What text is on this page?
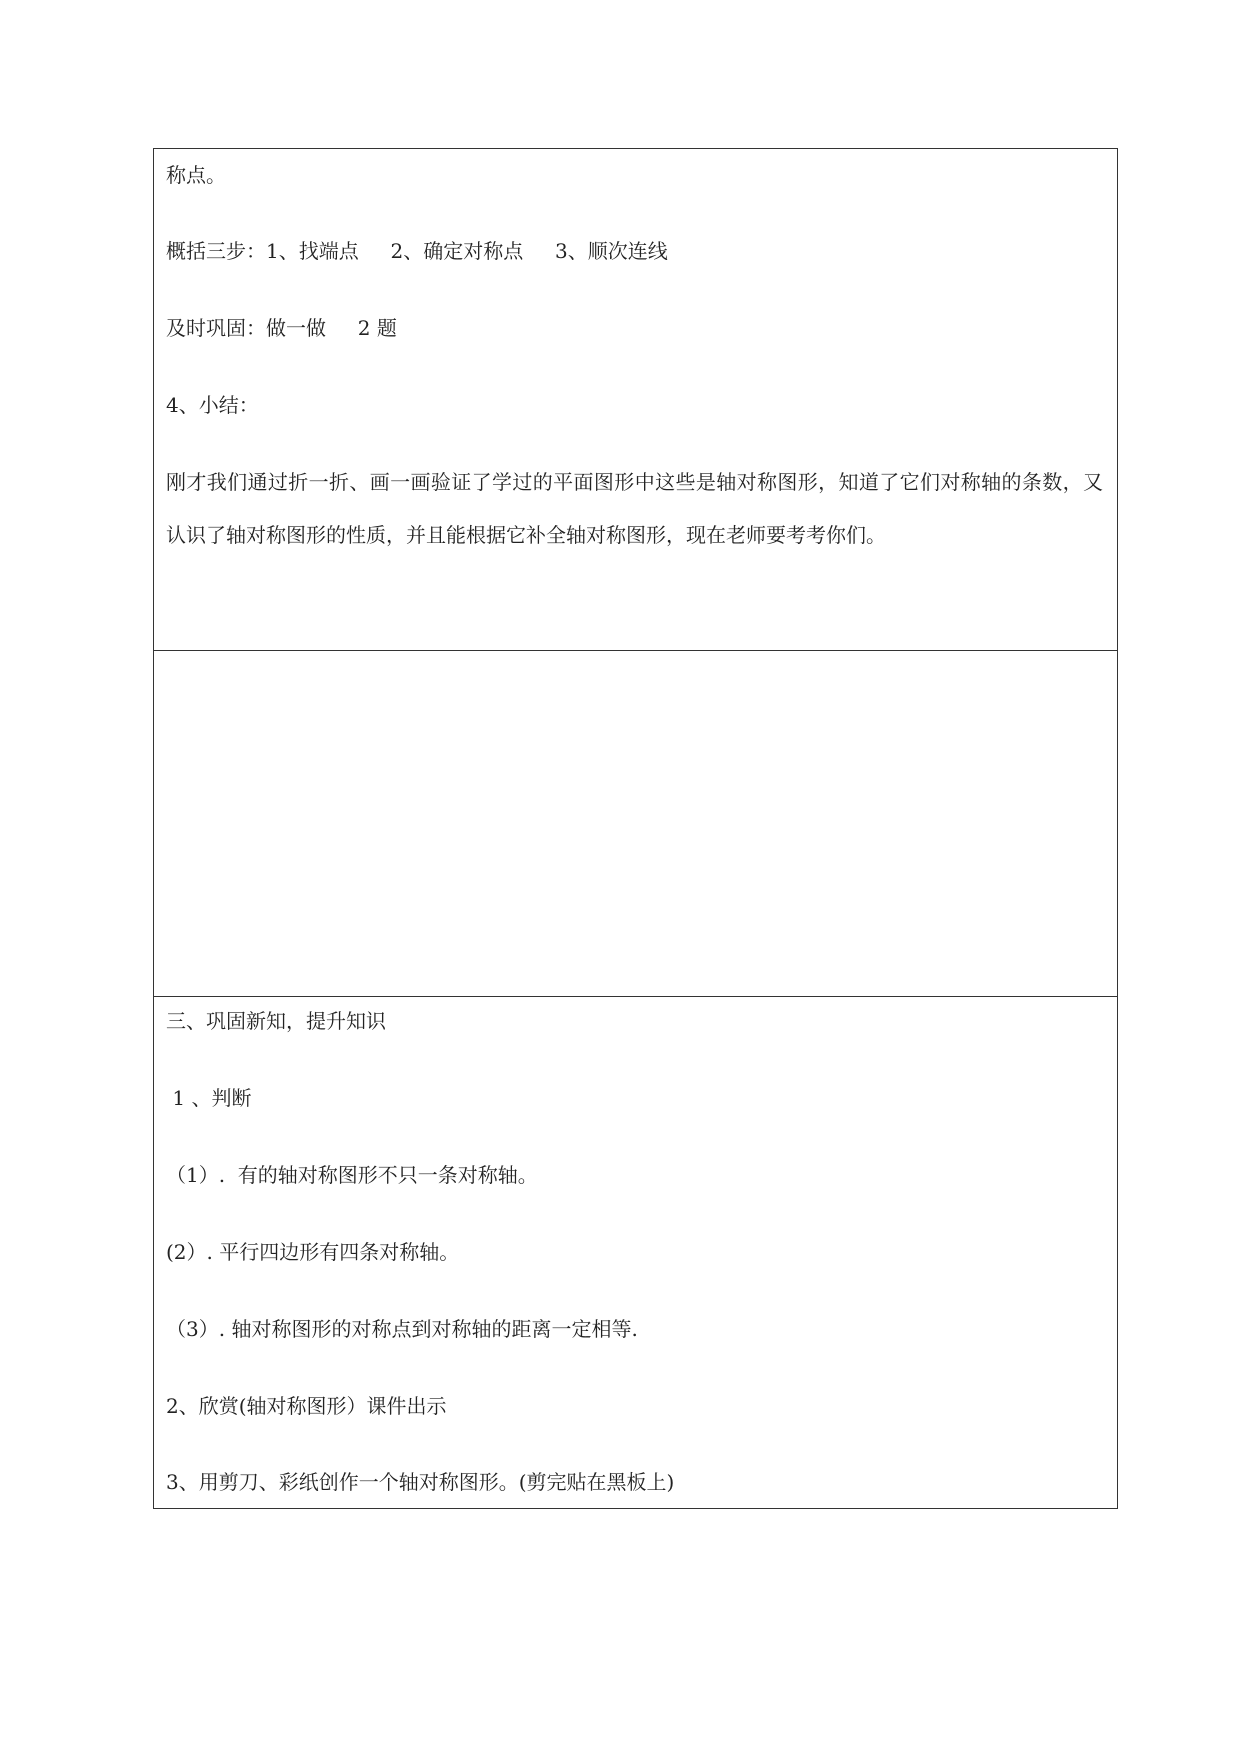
称点。
概括三步：1、找端点     2、确定对称点     3、顺次连线
及时巩固：做一做     2 题
4、小结：
刚才我们通过折一折、画一画验证了学过的平面图形中这些是轴对称图形，知道了它们对称轴的条数，又认识了轴对称图形的性质，并且能根据它补全轴对称图形，现在老师要考考你们。
三、巩固新知，提升知识
1 、判断
（1）.  有的轴对称图形不只一条对称轴。
(2）. 平行四边形有四条对称轴。
（3）. 轴对称图形的对称点到对称轴的距离一定相等.
2、欣赏(轴对称图形）课件出示
3、用剪刀、彩纸创作一个轴对称图形。(剪完贴在黑板上)
